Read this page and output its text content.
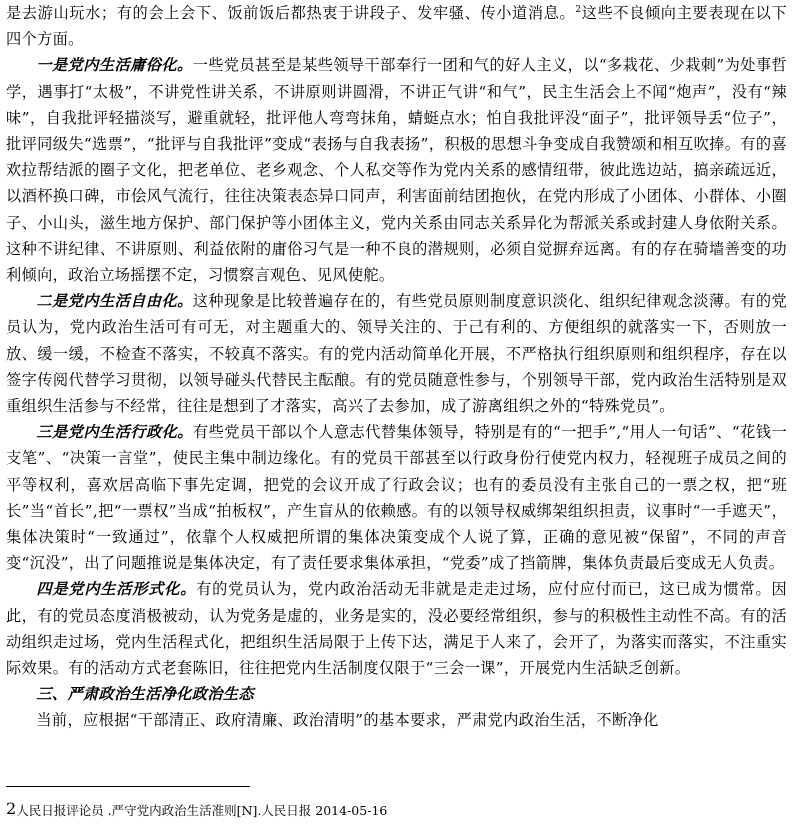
是去游山玩水；有的会上会下、饭前饭后都热衷于讲段子、发牢骚、传小道消息。$^2$这些不良倾向主要表现在以下四个方面。

一是党内生活庸俗化。一些党员甚至是某些领导干部奉行一团和气的好人主义，以“多栽花、少栽刺”为处事哲学，遇事打“太极”，不讲党性讲关系，不讲原则讲圆滑，不讲正气讲“和气”，民主生活会上不闻“炮声”，没有“辣味”，自我批评轻描淡写，避重就轻，批评他人弯弯抹角，蜻蜓点水；怕自我批评没“面子”，批评领导丢“位子”，批评同级失“选票”，“批评与自我批评”变成“表扬与自我表扬”，积极的思想斗争变成自我赞颂和相互吹捧。有的喜欢拉帮结派的圈子文化，把老单位、老乡观念、个人私交等作为党内关系的感情纽带，彼此选边站，搞亲疏远近，以酒杯换口碑，市侩风气流行，往往决策表态异口同声，利害面前结团抱伙，在党内形成了小团体、小群体、小圈子、小山头，滋生地方保护、部门保护等小团体主义，党内关系由同志关系异化为帮派关系或封建人身依附关系。这种不讲纪律、不讲原则、利益依附的庸俗习气是一种不良的潜规则，必须自觉摒弃远离。有的存在骑墙善变的功利倾向，政治立场摇摆不定，习惯察言观色、见风使舵。

二是党内生活自由化。这种现象是比较普遍存在的，有些党员原则制度意识淡化、组织纪律观念淡薄。有的党员认为，党内政治生活可有可无，对主题重大的、领导关注的、于己有利的、方便组织的就落实一下，否则放一放、缓一缓，不检查不落实，不较真不落实。有的党内活动简单化开展，不严格执行组织原则和组织程序，存在以签字传阅代替学习贯彻，以领导碰头代替民主酝酿。有的党员随意性参与，个别领导干部，党内政治生活特别是双重组织生活参与不经常，往往是想到了才落实，高兴了去参加，成了游离组织之外的“特殊党员”。

三是党内生活行政化。有些党员干部以个人意志代替集体领导，特别是有的“一把手”,“用人一句话”、“花钱一支笔”、“决策一言堂”，使民主集中制边缘化。有的党员干部甚至以行政身份行使党内权力，轻视班子成员之间的平等权利，喜欢居高临下事先定调，把党的会议开成了行政会议；也有的委员没有主张自己的一票之权，把“班长”当“首长”,把“一票权”当成“拍板权”，产生盲从的依赖感。有的以领导权威绑架组织担责，议事时“一手遮天”，集体决策时“一致通过”，依靠个人权威把所谓的集体决策变成个人说了算，正确的意见被“保留”，不同的声音变“沉没”，出了问题推说是集体决定，有了责任要求集体承担，“党委”成了挡箭牌，集体负责最后变成无人负责。

四是党内生活形式化。有的党员认为，党内政治活动无非就是走走过场，应付应付而已，这已成为惯常。因此，有的党员态度消极被动，认为党务是虚的，业务是实的，没必要经常组织，参与的积极性主动性不高。有的活动组织走过场，党内生活程式化，把组织生活局限于上传下达，满足于人来了，会开了，为落实而落实，不注重实际效果。有的活动方式老套陈旧，往往把党内生活制度仅限于“三会一课”，开展党内生活缺乏创新。

三、严肃政治生活净化政治生态

当前，应根据“干部清正、政府清廉、政治清明”的基本要求，严肃党内政治生活，不断净化

2人民日报评论员 .严守党内政治生活准则[N].人民日报 2014-05-16
